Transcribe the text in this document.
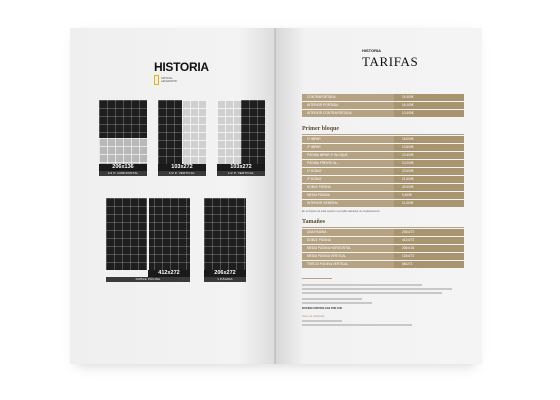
HISTORIA
NATIONAL
GEOGRAPHIC
206x136
1/2 P. HORIZONTAL
103x272
1/2 P. VERTICAL
103x272
1/2 P. VERTICAL
412x272
DOBLE PÁGINA
206x272
1 PÁGINA
HISTORIA
TARIFAS
CONTRAPORTADA	15.400€
INTERIOR PORTADA	16.100€
INTERIOR CONTRAPORTADA	13.400€
Primer bloque
1ª IMPAR	15.000€
2ª IMPAR	13.800€
PÁGINA IMPAR 1º BLOQUE	13.400€
PÁGINA FRENTE AL...	13.200€
1ª DOBLE	23.000€
2ª DOBLE	21.000€
DOBLE PÁGINA	20.000€
MEDIA PÁGINA	9.400€
INTERIOR GENERAL	11.500€
En el importe de cada espacio es posible adicionar un emplazamiento.
Tamaños
UNA PÁGINA	206x272
DOBLE PÁGINA	412x272
MEDIA PÁGINA HORIZONTAL	206x136
MEDIA PÁGINA VERTICAL	103x272
TERCIO PÁGINA VERTICAL	68x272
EFICIEN CONTROLADA POR OJD
Cierre de publicidad
